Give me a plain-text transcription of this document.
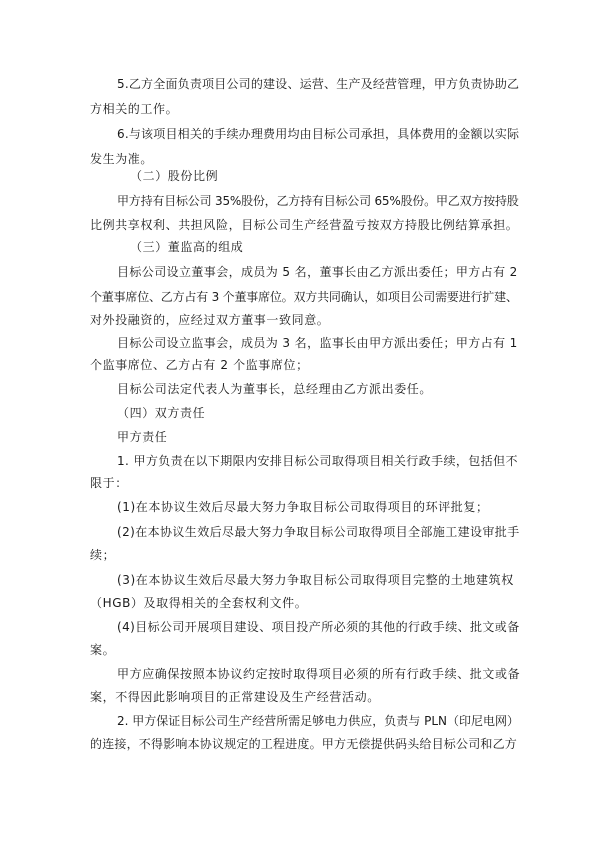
5.乙方全面负责项目公司的建设、运营、生产及经营管理，甲方负责协助乙
方相关的工作。
6.与该项目相关的手续办理费用均由目标公司承担，具体费用的金额以实际
发生为准。
（二）股份比例
甲方持有目标公司 35%股份，乙方持有目标公司 65%股份。甲乙双方按持股
比例共享权利、共担风险，目标公司生产经营盈亏按双方持股比例结算承担。
（三）董监高的组成
目标公司设立董事会，成员为 5 名，董事长由乙方派出委任；甲方占有 2
个董事席位、乙方占有 3 个董事席位。双方共同确认，如项目公司需要进行扩建、
对外投融资的，应经过双方董事一致同意。
目标公司设立监事会，成员为 3 名，监事长由甲方派出委任；甲方占有 1
个监事席位、乙方占有 2 个监事席位；
目标公司法定代表人为董事长，总经理由乙方派出委任。
（四）双方责任
甲方责任
1. 甲方负责在以下期限内安排目标公司取得项目相关行政手续，包括但不
限于：
(1)在本协议生效后尽最大努力争取目标公司取得项目的环评批复；
(2)在本协议生效后尽最大努力争取目标公司取得项目全部施工建设审批手
续；
(3)在本协议生效后尽最大努力争取目标公司取得项目完整的土地建筑权
（HGB）及取得相关的全套权利文件。
(4)目标公司开展项目建设、项目投产所必须的其他的行政手续、批文或备
案。
甲方应确保按照本协议约定按时取得项目必须的所有行政手续、批文或备
案，不得因此影响项目的正常建设及生产经营活动。
2. 甲方保证目标公司生产经营所需足够电力供应，负责与 PLN（印尼电网）
的连接，不得影响本协议规定的工程进度。甲方无偿提供码头给目标公司和乙方
